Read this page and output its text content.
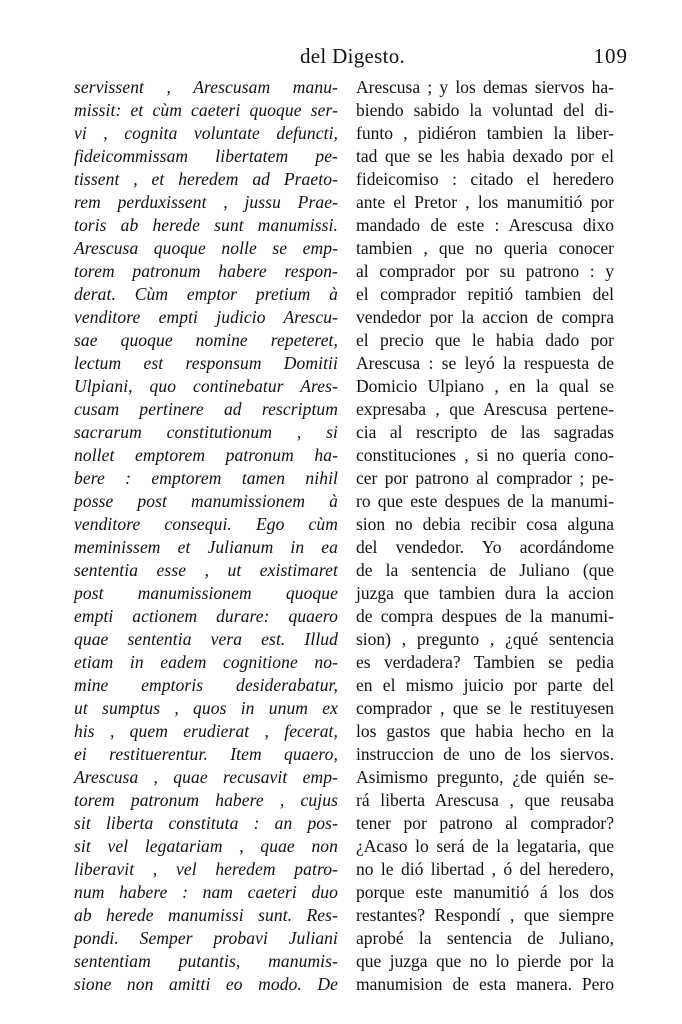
del Digesto.	109
servissent , Arescusam manu-
missit: et cùm caeteri quoque ser-
vi , cognita voluntate defuncti,
fideicommissam libertatem pe-
tissent , et heredem ad Praeto-
rem perduxissent , jussu Prae-
toris ab herede sunt manumissi.
Arescusa quoque nolle se emp-
torem patronum habere respon-
derat. Cùm emptor pretium à
venditore empti judicio Arescu-
sae quoque nomine repeteret,
lectum est responsum Domitii
Ulpiani, quo continebatur Ares-
cusam pertinere ad rescriptum
sacrarum constitutionum , si
nollet emptorem patronum ha-
bere : emptorem tamen nihil
posse post manumissionem à
venditore consequi. Ego cùm
meminissem et Julianum in ea
sententia esse , ut existimaret
post manumissionem quoque
empti actionem durare: quaero
quae sententia vera est. Illud
etiam in eadem cognitione no-
mine emptoris desiderabatur,
ut sumptus , quos in unum ex
his , quem erudierat , fecerat,
ei restituerentur. Item quaero,
Arescusa , quae recusavit emp-
torem patronum habere , cujus
sit liberta constituta : an pos-
sit vel legatariam , quae non
liberavit , vel heredem patro-
num habere : nam caeteri duo
ab herede manumissi sunt. Res-
pondi. Semper probavi Juliani
sententiam putantis, manumis-
sione non amitti eo modo. De
Arescusa ; y los demas siervos ha-
biendo sabido la voluntad del di-
funto , pidiéron tambien la liber-
tad que se les habia dexado por el
fideicomiso : citado el heredero
ante el Pretor , los manumitió por
mandado de este : Arescusa dixo
tambien , que no queria conocer
al comprador por su patrono : y
el comprador repitió tambien del
vendedor por la accion de compra
el precio que le habia dado por
Arescusa : se leyó la respuesta de
Domicio Ulpiano , en la qual se
expresaba , que Arescusa pertene-
cia al rescripto de las sagradas
constituciones , si no queria cono-
cer por patrono al comprador ; pe-
ro que este despues de la manumi-
sion no debia recibir cosa alguna
del vendedor. Yo acordándome
de la sentencia de Juliano (que
juzga que tambien dura la accion
de compra despues de la manumi-
sion) , pregunto , ¿qué sentencia
es verdadera? Tambien se pedia
en el mismo juicio por parte del
comprador , que se le restituyesen
los gastos que habia hecho en la
instruccion de uno de los siervos.
Asimismo pregunto, ¿de quién se-
rá liberta Arescusa , que reusaba
tener por patrono al comprador?
¿Acaso lo será de la legataria, que
no le dió libertad , ó del heredero,
porque este manumitió á los dos
restantes? Respondí , que siempre
aprobé la sentencia de Juliano,
que juzga que no lo pierde por la
manumision de esta manera. Pero
